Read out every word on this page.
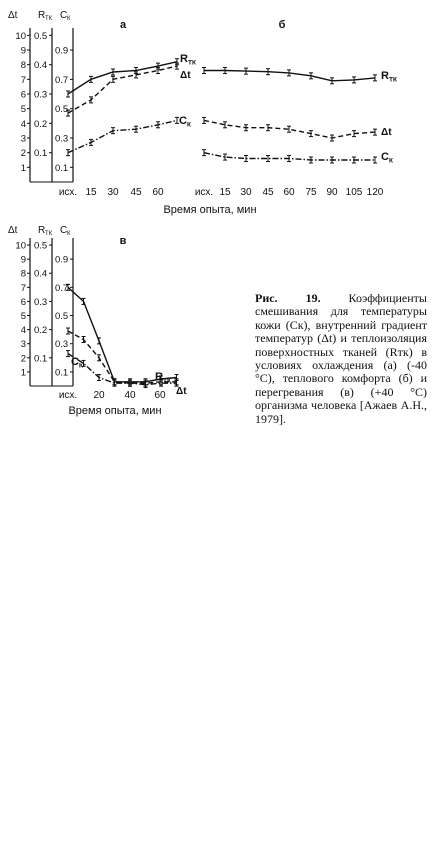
1
2
3
4
5
6
7
8
9
10
0.1
0.2
0.3
0.4
0.5
0.1
0.3
0.5
0.7
0.9
Δt R ТК C К	а	б
исх. 15 30 45 60	исх. 15 30 45 60 75 90 105 120
Время опыта, мин
R ТК
Δt
C К
R ТК
Δt
C К
1
2
3
4
5
6
7
8
9
10
0.1
0.2
0.3
0.4
0.5
0.1
0.3
0.5
0.7
0.9
Δt R ТК C К
в
исх. 20 40 60
Время опыта, мин
C К
R ТК
Δt
Рис. 19. Коэффициенты смешивания для температуры кожи (Cк), внутренний градиент температур (Δt) и теплоизоляция поверхностных тканей (Rтк) в условиях охлаждения (а) (-40 °C), теплового комфорта (б) и перегревания (в) (+40 °C) организма человека [Ажаев А.Н., 1979].
